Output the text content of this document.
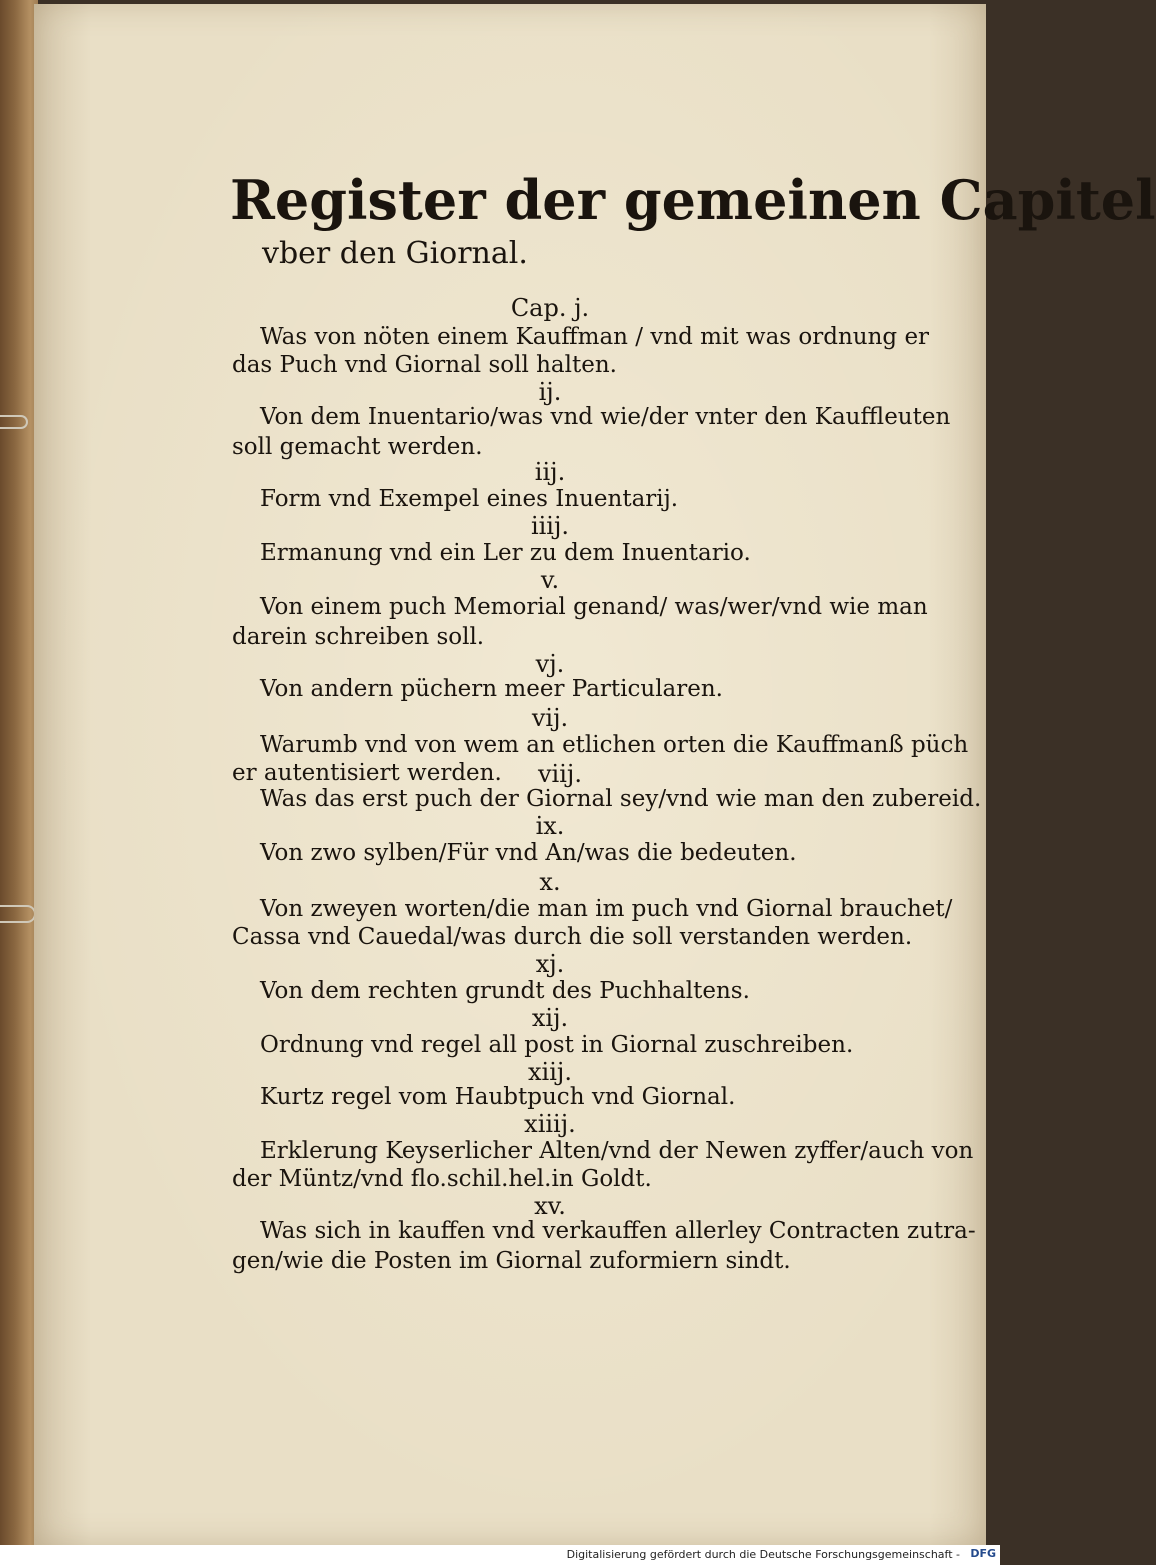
Register der gemeinen Capitel
vber den Giornal.
Cap. j.
Was von nöten einem Kauffman / vnd mit was ordnung er
das Puch vnd Giornal soll halten.
ij.
Von dem Inuentario/was vnd wie/der vnter den Kauffleuten
soll gemacht werden.
iij.
Form vnd Exempel eines Inuentarij.
iiij.
Ermanung vnd ein Ler zu dem Inuentario.
v.
Von einem puch Memorial genand/ was/wer/vnd wie man
darein schreiben soll.
vj.
Von andern püchern meer Particularen.
vij.
Warumb vnd von wem an etlichen orten die Kauffmanß püch
er autentisiert werden.	viij.
Was das erst puch der Giornal sey/vnd wie man den zubereid.
ix.
Von zwo sylben/Für vnd An/was die bedeuten.
x.
Von zweyen worten/die man im puch vnd Giornal brauchet/
Cassa vnd Cauedal/was durch die soll verstanden werden.
xj.
Von dem rechten grundt des Puchhaltens.
xij.
Ordnung vnd regel all post in Giornal zuschreiben.
xiij.
Kurtz regel vom Haubtpuch vnd Giornal.
xiiij.
Erklerung Keyserlicher Alten/vnd der Newen zyffer/auch von
der Müntz/vnd flo.schil.hel.in Goldt.
xv.
Was sich in kauffen vnd verkauffen allerley Contracten zutra-
gen/wie die Posten im Giornal zuformiern sindt.
Digitalisierung gefördert durch die Deutsche Forschungsgemeinschaft - DFG
